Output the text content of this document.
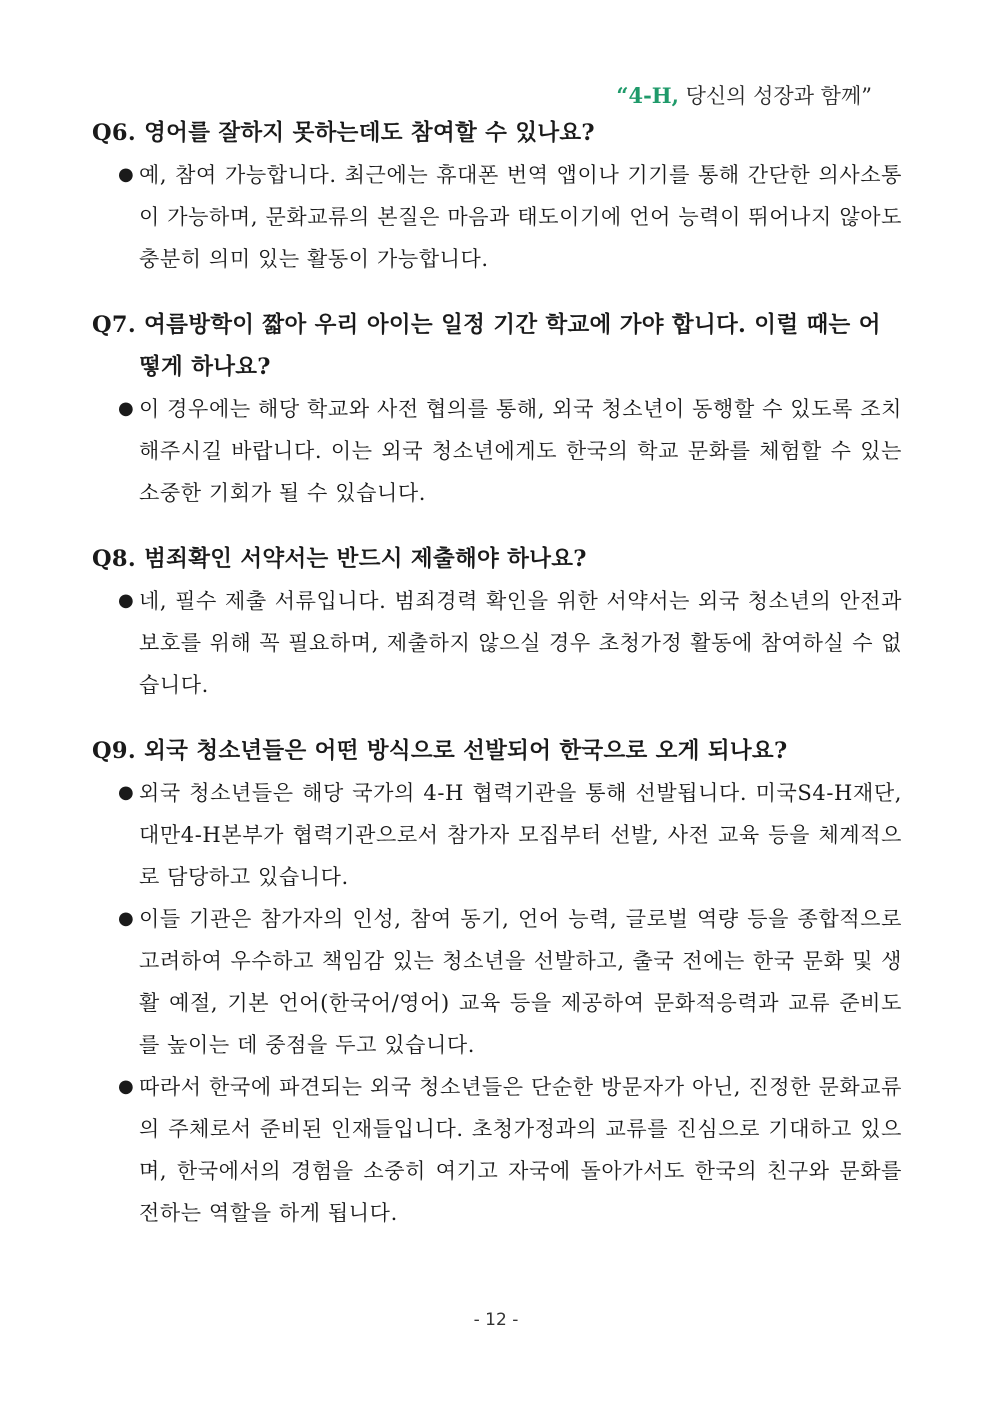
“4-H, 당신의 성장과 함께”

Q6. 영어를 잘하지 못하는데도 참여할 수 있나요?

● 예, 참여 가능합니다. 최근에는 휴대폰 번역 앱이나 기기를 통해 간단한 의사소통이 가능하며, 문화교류의 본질은 마음과 태도이기에 언어 능력이 뛰어나지 않아도 충분히 의미 있는 활동이 가능합니다.

Q7. 여름방학이 짧아 우리 아이는 일정 기간 학교에 가야 합니다. 이럴 때는 어떻게 하나요?

● 이 경우에는 해당 학교와 사전 협의를 통해, 외국 청소년이 동행할 수 있도록 조치해주시길 바랍니다. 이는 외국 청소년에게도 한국의 학교 문화를 체험할 수 있는 소중한 기회가 될 수 있습니다.

Q8. 범죄확인 서약서는 반드시 제출해야 하나요?

● 네, 필수 제출 서류입니다. 범죄경력 확인을 위한 서약서는 외국 청소년의 안전과 보호를 위해 꼭 필요하며, 제출하지 않으실 경우 초청가정 활동에 참여하실 수 없습니다.

Q9. 외국 청소년들은 어떤 방식으로 선발되어 한국으로 오게 되나요?

● 외국 청소년들은 해당 국가의 4-H 협력기관을 통해 선발됩니다. 미국S4-H재단, 대만4-H본부가 협력기관으로서 참가자 모집부터 선발, 사전 교육 등을 체계적으로 담당하고 있습니다.
● 이들 기관은 참가자의 인성, 참여 동기, 언어 능력, 글로벌 역량 등을 종합적으로 고려하여 우수하고 책임감 있는 청소년을 선발하고, 출국 전에는 한국 문화 및 생활 예절, 기본 언어(한국어/영어) 교육 등을 제공하여 문화적응력과 교류 준비도를 높이는 데 중점을 두고 있습니다.
● 따라서 한국에 파견되는 외국 청소년들은 단순한 방문자가 아닌, 진정한 문화교류의 주체로서 준비된 인재들입니다. 초청가정과의 교류를 진심으로 기대하고 있으며, 한국에서의 경험을 소중히 여기고 자국에 돌아가서도 한국의 친구와 문화를 전하는 역할을 하게 됩니다.
- 12 -
